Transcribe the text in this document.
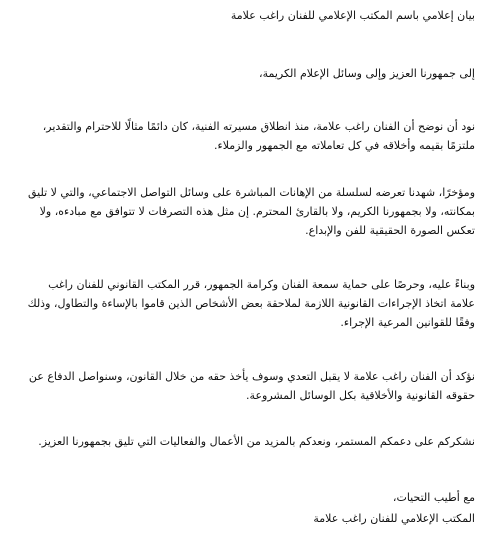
بيان إعلامي باسم المكتب الإعلامي للفنان راغب علامة

إلى جمهورنا العزيز وإلى وسائل الإعلام الكريمة،

نود أن نوضح أن الفنان راغب علامة، منذ انطلاق مسيرته الفنية، كان دائمًا مثالًا للاحترام والتقدير، ملتزمًا بقيمه وأخلاقه في كل تعاملاته مع الجمهور والزملاء.

ومؤخرًا، شهدنا تعرضه لسلسلة من الإهانات المباشرة على وسائل التواصل الاجتماعي، والتي لا تليق بمكانته، ولا بجمهورنا الكريم، ولا بالقارئ المحترم. إن مثل هذه التصرفات لا تتوافق مع مبادءه، ولا تعكس الصورة الحقيقية للفن والإبداع.

وبناءً عليه، وحرصًا على حماية سمعة الفنان وكرامة الجمهور، قرر المكتب القانوني للفنان راغب علامة اتخاذ الإجراءات القانونية اللازمة لملاحقة بعض الأشخاص الذين قاموا بالإساءة والتطاول، وذلك وفقًا للقوانين المرعية الإجراء.

نؤكد أن الفنان راغب علامة لا يقبل التعدي وسوف يأخذ حقه من خلال القانون، وسنواصل الدفاع عن حقوقه القانونية والأخلاقية بكل الوسائل المشروعة.

نشكركم على دعمكم المستمر، ونعدكم بالمزيد من الأعمال والفعاليات التي تليق بجمهورنا العزيز.

مع أطيب التحيات،

المكتب الإعلامي للفنان راغب علامة
